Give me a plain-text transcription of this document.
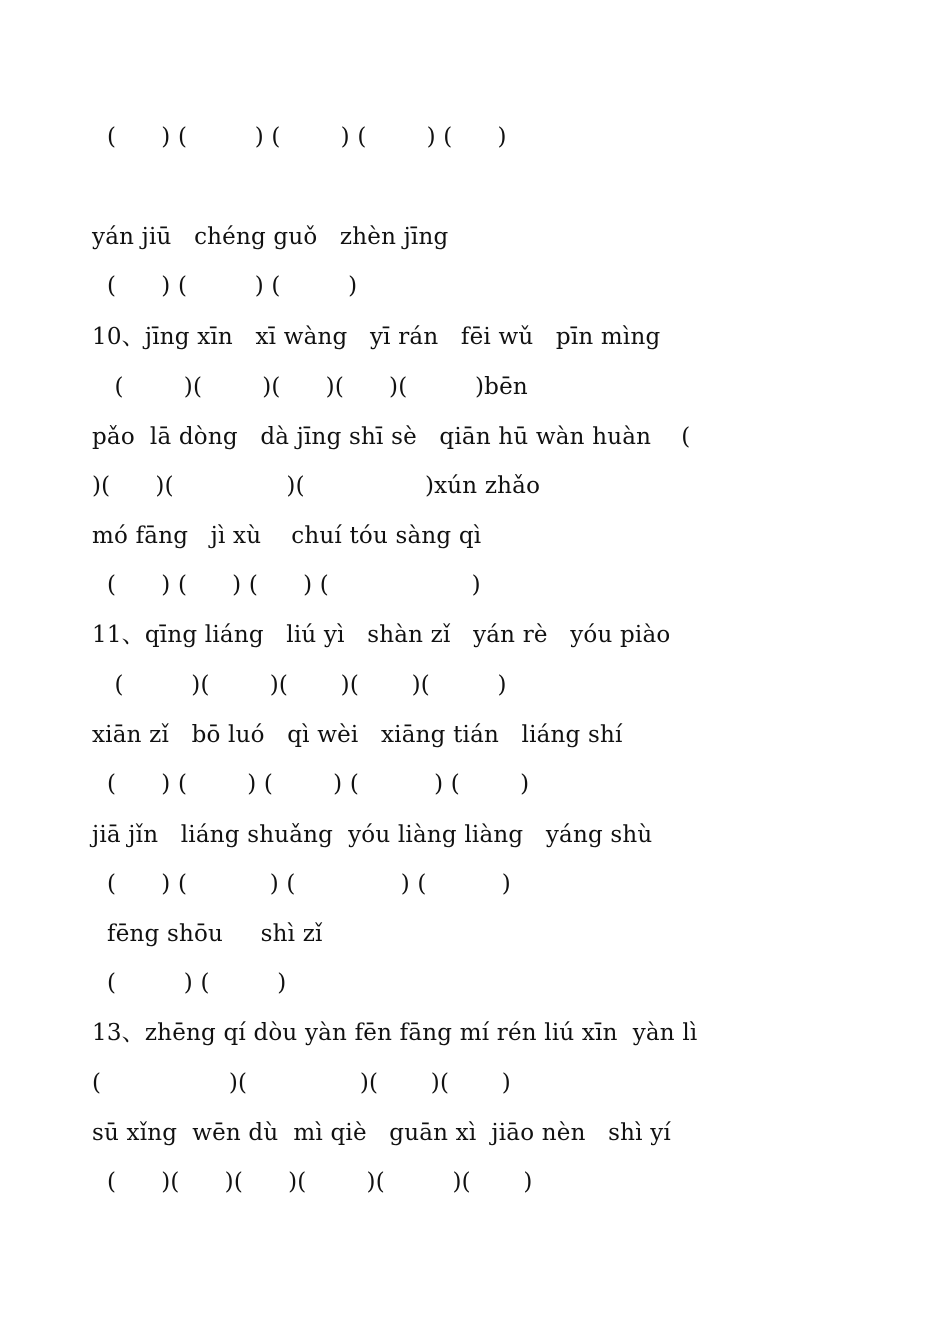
(      ) (         ) (        ) (        ) (      )
yán jiū   chéng guǒ   zhèn jīng
(      ) (         ) (         )
10、jīng xīn   xī wàng   yī rán   fēi wǔ   pīn mìng
(        )(        )(      )(      )(         )bēn
pǎo  lā dòng   dà jīng shī sè   qiān hū wàn huàn    (
)(      )(               )(                )xún zhǎo
mó fāng   jì xù    chuí tóu sàng qì
(      ) (      ) (      ) (                   )
11、qīng liáng   liú yì   shàn zǐ   yán rè   yóu piào
(         )(        )(       )(       )(         )
xiān zǐ   bō luó   qì wèi   xiāng tián   liáng shí
(      ) (        ) (        ) (          ) (        )
jiā jǐn   liáng shuǎng  yóu liàng liàng   yáng shù
(      ) (           ) (              ) (          )
fēng shōu     shì zǐ
(         ) (         )
13、zhēng qí dòu yàn fēn fāng mí rén liú xīn  yàn lì
(                 )(               )(       )(       )
sū xǐng  wēn dù  mì qiè   guān xì  jiāo nèn   shì yí
(      )(      )(      )(        )(         )(       )
